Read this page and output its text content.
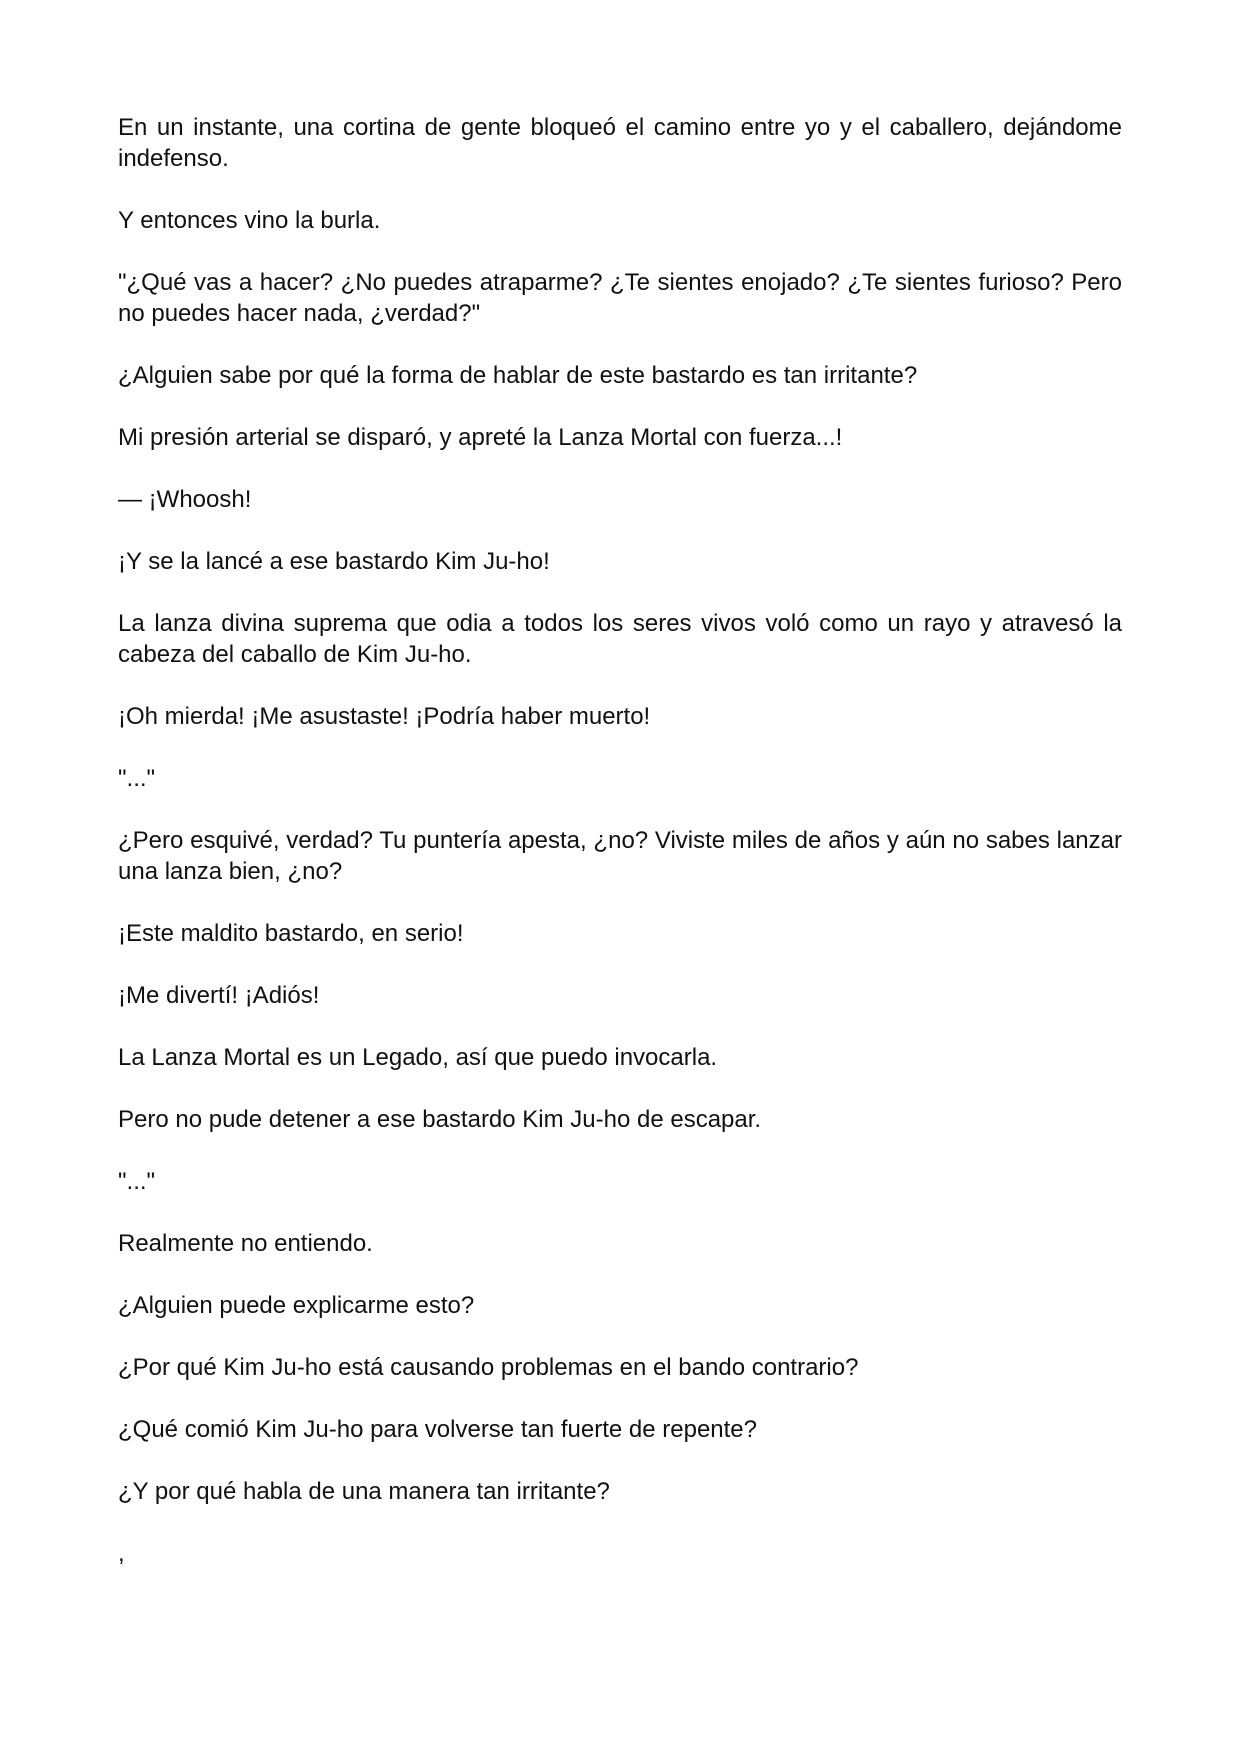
En un instante, una cortina de gente bloqueó el camino entre yo y el caballero, dejándome indefenso.

Y entonces vino la burla.

"¿Qué vas a hacer? ¿No puedes atraparme? ¿Te sientes enojado? ¿Te sientes furioso? Pero no puedes hacer nada, ¿verdad?"

¿Alguien sabe por qué la forma de hablar de este bastardo es tan irritante?

Mi presión arterial se disparó, y apreté la Lanza Mortal con fuerza...!

— ¡Whoosh!

¡Y se la lancé a ese bastardo Kim Ju-ho!

La lanza divina suprema que odia a todos los seres vivos voló como un rayo y atravesó la cabeza del caballo de Kim Ju-ho.

¡Oh mierda! ¡Me asustaste! ¡Podría haber muerto!

"..."

¿Pero esquivé, verdad? Tu puntería apesta, ¿no? Viviste miles de años y aún no sabes lanzar una lanza bien, ¿no?

¡Este maldito bastardo, en serio!

¡Me divertí! ¡Adiós!

La Lanza Mortal es un Legado, así que puedo invocarla.

Pero no pude detener a ese bastardo Kim Ju-ho de escapar.

"..."

Realmente no entiendo.

¿Alguien puede explicarme esto?

¿Por qué Kim Ju-ho está causando problemas en el bando contrario?

¿Qué comió Kim Ju-ho para volverse tan fuerte de repente?

¿Y por qué habla de una manera tan irritante?

,
